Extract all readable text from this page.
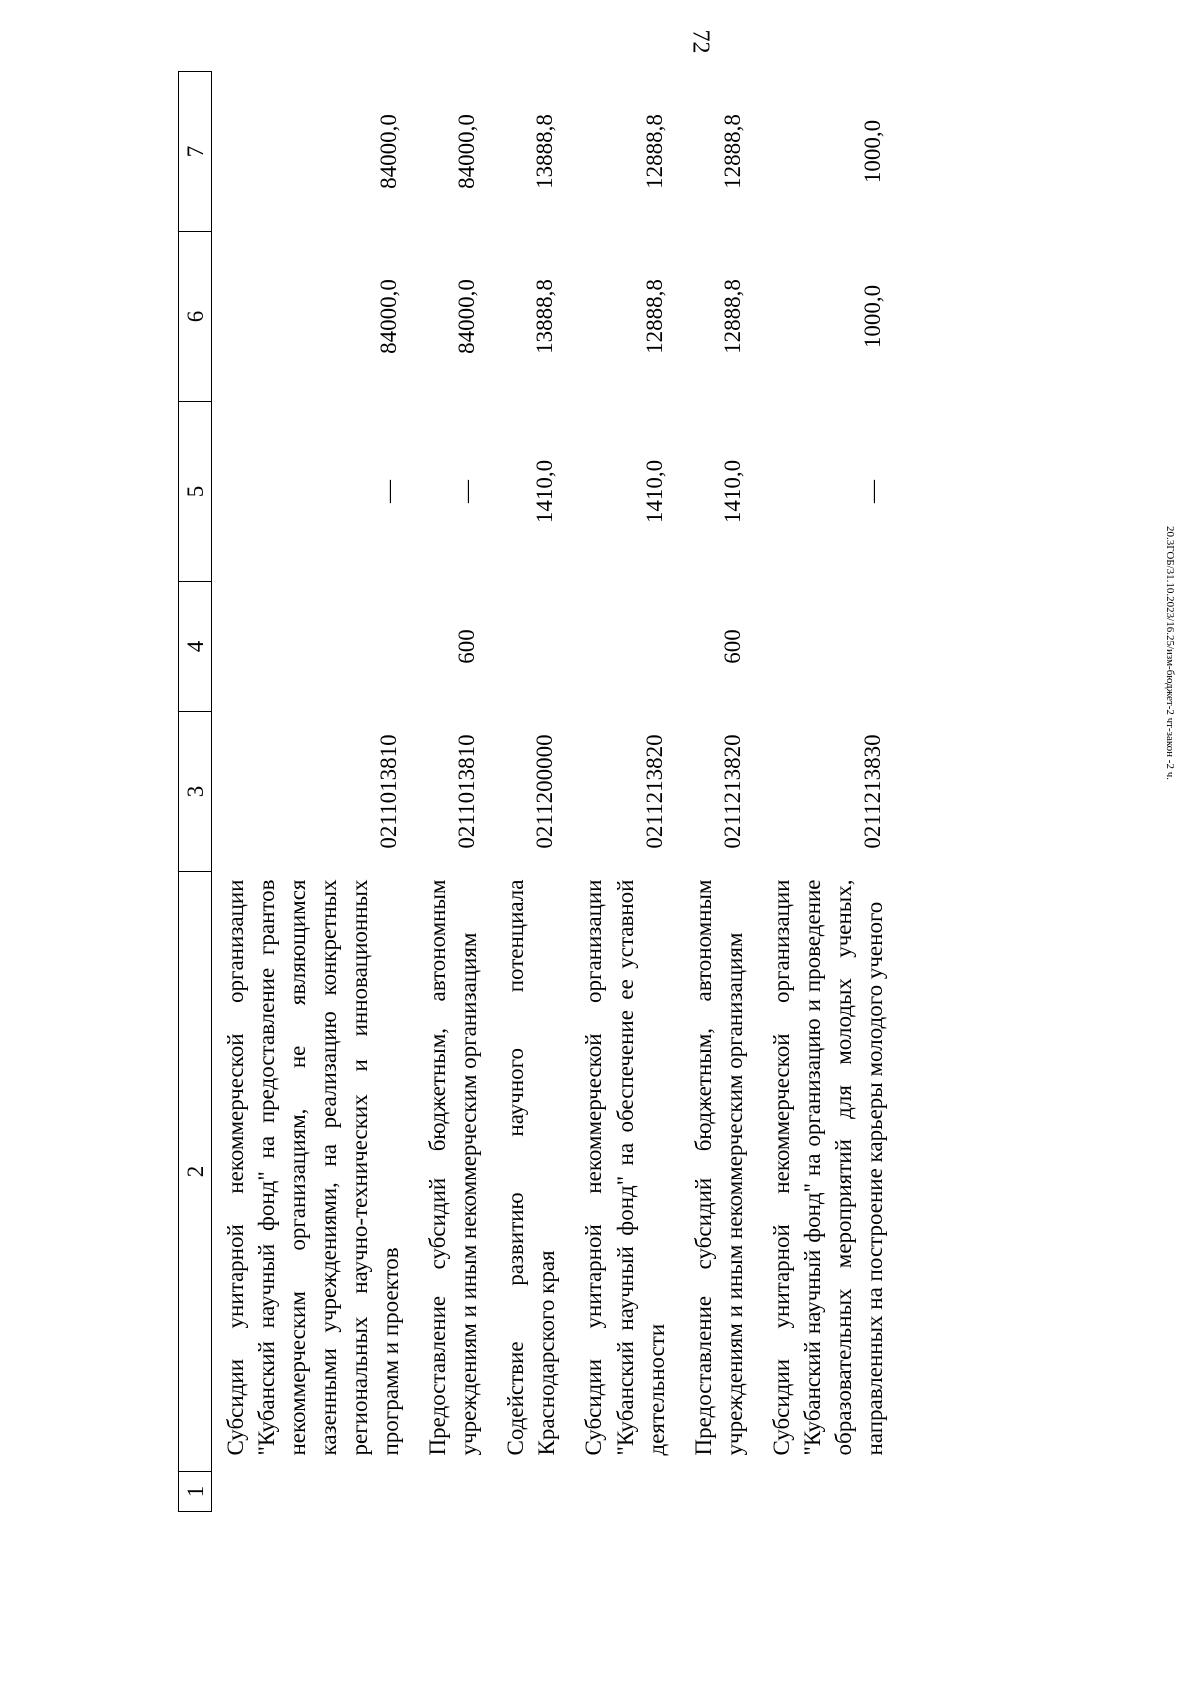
72
1	2	3	4	5	6	7
	Субсидии унитарной некоммерческой организации "Кубанский научный фонд" на предоставление грантов некоммерческим организациям, не являющимся казенными учреждениями, на реализацию конкретных региональных научно-технических и инновационных программ и проектов	0211013810		—	84000,0	84000,0
	Предоставление субсидий бюджетным, автономным учреждениям и иным некоммерческим организациям	0211013810	600	—	84000,0	84000,0
	Содействие развитию научного потенциала Краснодарского края	0211200000		1410,0	13888,8	13888,8
	Субсидии унитарной некоммерческой организации "Кубанский научный фонд" на обеспечение ее уставной деятельности	0211213820		1410,0	12888,8	12888,8
	Предоставление субсидий бюджетным, автономным учреждениям и иным некоммерческим организациям	0211213820	600	1410,0	12888,8	12888,8
	Субсидии унитарной некоммерческой организации "Кубанский научный фонд" на организацию и проведение образовательных мероприятий для молодых ученых, направленных на построение карьеры молодого ученого	0211213830		—	1000,0	1000,0
20.3ГОБ/31.10.2023/16.25/изм-бюджет-2 чт-закон -2 ч.
